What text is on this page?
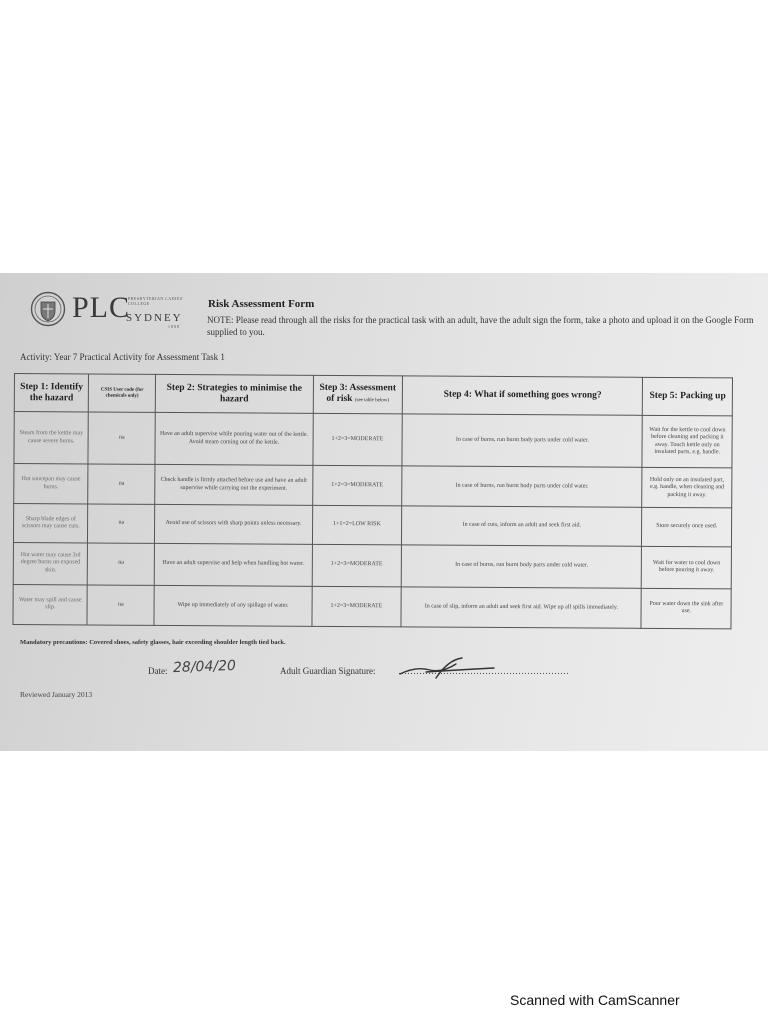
PLC
PRESBYTERIAN LADIES' COLLEGE
SYDNEY
1888
Risk Assessment Form
NOTE: Please read through all the risks for the practical task with an adult, have the adult sign the form, take a photo and upload it on the Google Form supplied to you.
Activity: Year 7 Practical Activity for Assessment Task 1
Step 1: Identify the hazard	CSIS User code (for chemicals only)	Step 2: Strategies to minimise the hazard	Step 3: Assessment of risk (see table below)	Step 4: What if something goes wrong?	Step 5: Packing up
Steam from the kettle may cause severe burns.	na	Have an adult supervise while pouring water out of the kettle. Avoid steam coming out of the kettle.	1+2=3=MODERATE	In case of burns, run burnt body parts under cold water.	Wait for the kettle to cool down before cleaning and packing it away. Touch kettle only on insulated parts, e.g. handle.
Hot saucepan may cause burns.	na	Check handle is firmly attached before use and have an adult supervise while carrying out the experiment.	1+2=3=MODERATE	In case of burns, run burnt body parts under cold water.	Hold only on an insulated part, e.g. handle, when cleaning and packing it away.
Sharp blade edges of scissors may cause cuts.	na	Avoid use of scissors with sharp points unless necessary.	1+1=2=LOW RISK	In case of cuts, inform an adult and seek first aid.	Store securely once used.
Hot water may cause 3rd degree burns on exposed skin.	na	Have an adult supervise and help when handling hot water.	1+2=3=MODERATE	In case of burns, run burnt body parts under cold water.	Wait for water to cool down before pouring it away.
Water may spill and cause slip.	na	Wipe up immediately of any spillage of water.	1+2=3=MODERATE	In case of slip, inform an adult and seek first aid. Wipe up all spills immediately.	Pour water down the sink after use.
Mandatory precautions: Covered shoes, safety glasses, hair exceeding shoulder length tied back.
Date: 28/04/20	Adult Guardian Signature:	…………………………………………………
Reviewed January 2013
Scanned with CamScanner
